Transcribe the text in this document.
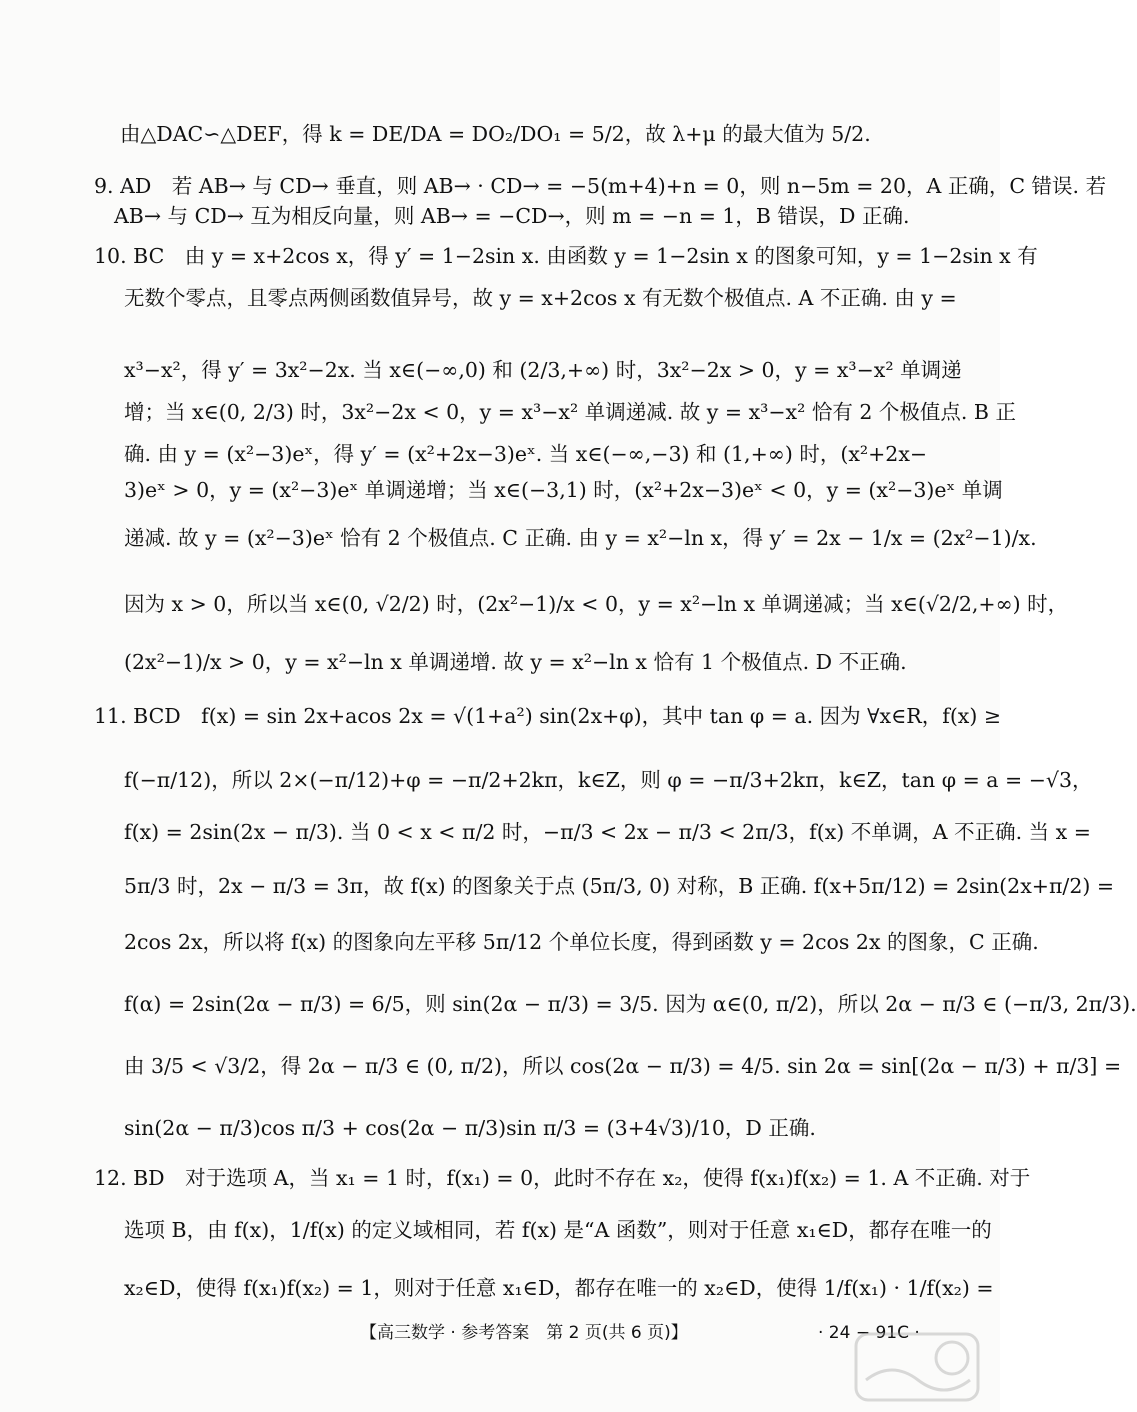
由△DAC∽△DEF，得 k = DE/DA = DO₂/DO₁ = 5/2，故 λ+μ 的最大值为 5/2.
9. AD　若 AB→ 与 CD→ 垂直，则 AB→ · CD→ = −5(m+4)+n = 0，则 n−5m = 20，A 正确，C 错误. 若
AB→ 与 CD→ 互为相反向量，则 AB→ = −CD→，则 m = −n = 1，B 错误，D 正确.
10. BC　由 y = x+2cos x，得 y′ = 1−2sin x. 由函数 y = 1−2sin x 的图象可知，y = 1−2sin x 有
无数个零点，且零点两侧函数值异号，故 y = x+2cos x 有无数个极值点. A 不正确. 由 y =
x³−x²，得 y′ = 3x²−2x. 当 x∈(−∞,0) 和 (2/3,+∞) 时，3x²−2x > 0，y = x³−x² 单调递
增；当 x∈(0, 2/3) 时，3x²−2x < 0，y = x³−x² 单调递减. 故 y = x³−x² 恰有 2 个极值点. B 正
确. 由 y = (x²−3)eˣ，得 y′ = (x²+2x−3)eˣ. 当 x∈(−∞,−3) 和 (1,+∞) 时，(x²+2x−
3)eˣ > 0，y = (x²−3)eˣ 单调递增；当 x∈(−3,1) 时，(x²+2x−3)eˣ < 0，y = (x²−3)eˣ 单调
递减. 故 y = (x²−3)eˣ 恰有 2 个极值点. C 正确. 由 y = x²−ln x，得 y′ = 2x − 1/x = (2x²−1)/x.
因为 x > 0，所以当 x∈(0, √2/2) 时，(2x²−1)/x < 0，y = x²−ln x 单调递减；当 x∈(√2/2,+∞) 时，
(2x²−1)/x > 0，y = x²−ln x 单调递增. 故 y = x²−ln x 恰有 1 个极值点. D 不正确.
11. BCD　f(x) = sin 2x+acos 2x = √(1+a²) sin(2x+φ)，其中 tan φ = a. 因为 ∀x∈R，f(x) ≥
f(−π/12)，所以 2×(−π/12)+φ = −π/2+2kπ，k∈Z，则 φ = −π/3+2kπ，k∈Z，tan φ = a = −√3，
f(x) = 2sin(2x − π/3). 当 0 < x < π/2 时，−π/3 < 2x − π/3 < 2π/3，f(x) 不单调，A 不正确. 当 x =
5π/3 时，2x − π/3 = 3π，故 f(x) 的图象关于点 (5π/3, 0) 对称，B 正确. f(x+5π/12) = 2sin(2x+π/2) =
2cos 2x，所以将 f(x) 的图象向左平移 5π/12 个单位长度，得到函数 y = 2cos 2x 的图象，C 正确.
f(α) = 2sin(2α − π/3) = 6/5，则 sin(2α − π/3) = 3/5. 因为 α∈(0, π/2)，所以 2α − π/3 ∈ (−π/3, 2π/3).
由 3/5 < √3/2，得 2α − π/3 ∈ (0, π/2)，所以 cos(2α − π/3) = 4/5. sin 2α = sin[(2α − π/3) + π/3] =
sin(2α − π/3)cos π/3 + cos(2α − π/3)sin π/3 = (3+4√3)/10，D 正确.
12. BD　对于选项 A，当 x₁ = 1 时，f(x₁) = 0，此时不存在 x₂，使得 f(x₁)f(x₂) = 1. A 不正确. 对于
选项 B，由 f(x)，1/f(x) 的定义域相同，若 f(x) 是“A 函数”，则对于任意 x₁∈D，都存在唯一的
x₂∈D，使得 f(x₁)f(x₂) = 1，则对于任意 x₁∈D，都存在唯一的 x₂∈D，使得 1/f(x₁) · 1/f(x₂) =
【高三数学 · 参考答案　第 2 页(共 6 页)】	· 24 − 91C ·
